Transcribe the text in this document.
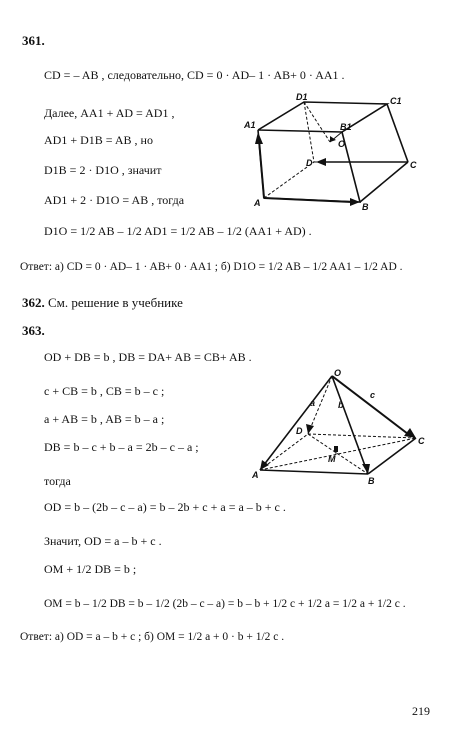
361.
CD = – AB , следовательно, CD = 0 · AD– 1 · AB+ 0 · AA1 .
Далее, AA1 + AD = AD1 ,
AD1 + D1B = AB , но
D1B = 2 · D1O , значит
AD1 + 2 · D1O = AB , тогда
D1O = 1/2 AB – 1/2 AD1 = 1/2 AB – 1/2 (AA1 + AD) .
Ответ: а) CD = 0 · AD– 1 · AB+ 0 · AA1 ; б) D1O = 1/2 AB – 1/2 AA1 – 1/2 AD .
D1	C1
A1	B1
O
D	C
A	B
362. См. решение в учебнике
363.
OD + DB = b , DB = DA+ AB = CB+ AB .
c + CB = b , CB = b – c ;
a + AB = b , AB = b – a ;
DB = b – c + b – a = 2b – c – a ;
тогда
OD = b – (2b – c – a) = b – 2b + c + a = a – b + c .
Значит, OD = a – b + c .
OM + 1/2 DB = b ;
OM = b – 1/2 DB = b – 1/2 (2b – c – a) = b – b + 1/2 c + 1/2 a = 1/2 a + 1/2 c .
Ответ: а) OD = a – b + c ; б) OM = 1/2 a + 0 · b + 1/2 c .
O
a	b
c
D
C
M
A
B
219
